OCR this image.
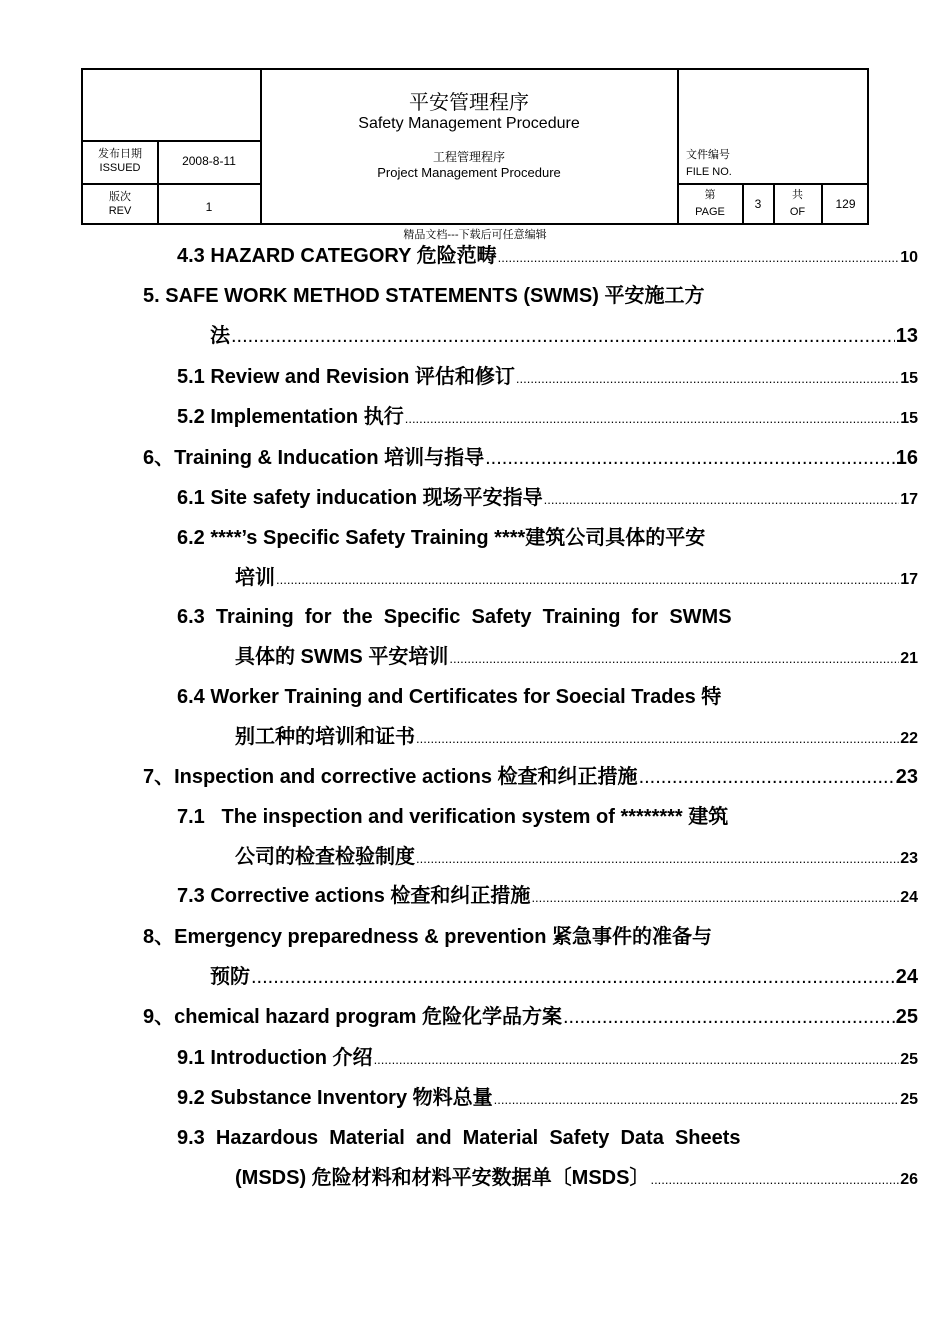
平安管理程序
Safety Management Procedure
工程管理程序
Project Management Procedure
发布日期
ISSUED	2008-8-11
版次
REV	1
文件编号
FILE NO.
第
PAGE
3
共
OF
129
精品文档---下载后可任意编辑
4.3 HAZARD CATEGORY 危险范畴 .....	10
5. SAFE WORK METHOD STATEMENTS (SWMS) 平安施工方
法 .....	13
5.1 Review and Revision 评估和修订 .....	15
5.2 Implementation 执行 .....	15
6、Training & Inducation 培训与指导 .....	16
6.1 Site safety inducation 现场平安指导 .....	17
6.2 ****’s Specific Safety Training ****建筑公司具体的平安
培训 .....	17
6.3  Training  for  the  Specific  Safety  Training  for  SWMS
具体的 SWMS 平安培训 .....	21
6.4 Worker Training and Certificates for Soecial Trades 特
别工种的培训和证书 .....	22
7、Inspection and corrective actions 检查和纠正措施 .....	23
7.1   The inspection and verification system of ******** 建筑
公司的检查检验制度 .....	23
7.3 Corrective actions 检查和纠正措施 .....	24
8、Emergency preparedness & prevention 紧急事件的准备与
预防 .....	24
9、chemical hazard program 危险化学品方案 .....	25
9.1 Introduction 介绍 .....	25
9.2 Substance Inventory 物料总量 .....	25
9.3  Hazardous  Material  and  Material  Safety  Data  Sheets
(MSDS) 危险材料和材料平安数据单〔MSDS〕 .....	26
